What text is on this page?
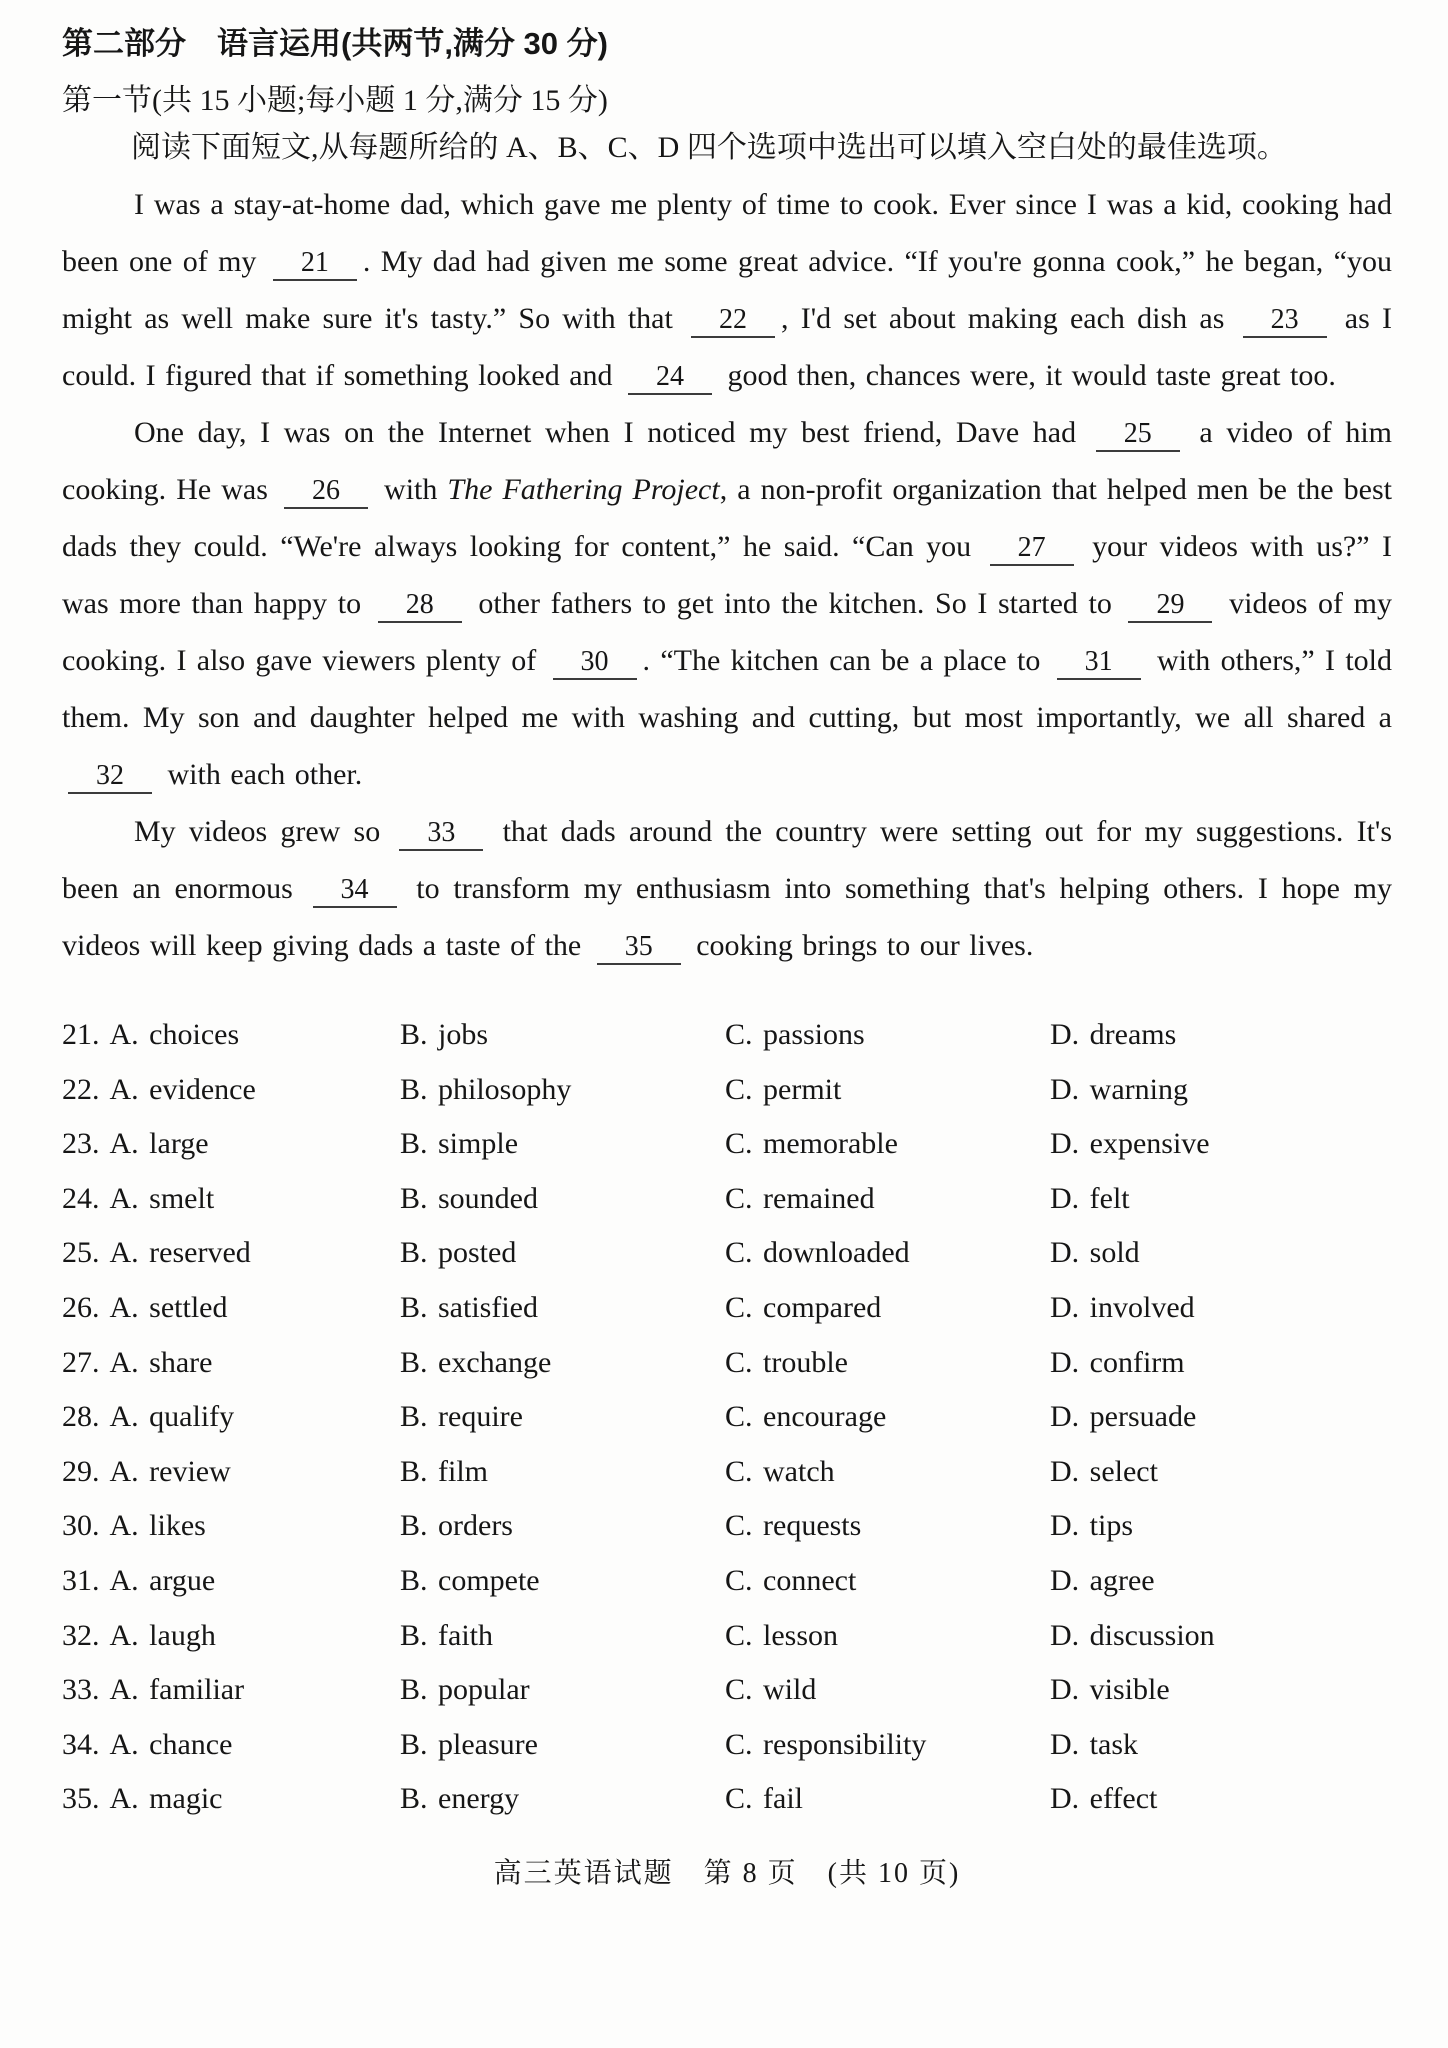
第二部分　语言运用(共两节,满分 30 分)
第一节(共 15 小题;每小题 1 分,满分 15 分)
阅读下面短文,从每题所给的 A、B、C、D 四个选项中选出可以填入空白处的最佳选项。

I was a stay-at-home dad, which gave me plenty of time to cook. Ever since I was a kid, cooking had been one of my 21 . My dad had given me some great advice. “If you're gonna cook,” he began, “you might as well make sure it's tasty.” So with that 22 , I'd set about making each dish as 23 as I could. I figured that if something looked and 24 good then, chances were, it would taste great too.

One day, I was on the Internet when I noticed my best friend, Dave had 25 a video of him cooking. He was 26 with The Fathering Project, a non-profit organization that helped men be the best dads they could. “We're always looking for content,” he said. “Can you 27 your videos with us?” I was more than happy to 28 other fathers to get into the kitchen. So I started to 29 videos of my cooking. I also gave viewers plenty of 30 . “The kitchen can be a place to 31 with others,” I told them. My son and daughter helped me with washing and cutting, but most importantly, we all shared a 32 with each other.

My videos grew so 33 that dads around the country were setting out for my suggestions. It's been an enormous 34 to transform my enthusiasm into something that's helping others. I hope my videos will keep giving dads a taste of the 35 cooking brings to our lives.

21. A. choices	B. jobs	C. passions	D. dreams
22. A. evidence	B. philosophy	C. permit	D. warning
23. A. large	B. simple	C. memorable	D. expensive
24. A. smelt	B. sounded	C. remained	D. felt
25. A. reserved	B. posted	C. downloaded	D. sold
26. A. settled	B. satisfied	C. compared	D. involved
27. A. share	B. exchange	C. trouble	D. confirm
28. A. qualify	B. require	C. encourage	D. persuade
29. A. review	B. film	C. watch	D. select
30. A. likes	B. orders	C. requests	D. tips
31. A. argue	B. compete	C. connect	D. agree
32. A. laugh	B. faith	C. lesson	D. discussion
33. A. familiar	B. popular	C. wild	D. visible
34. A. chance	B. pleasure	C. responsibility	D. task
35. A. magic	B. energy	C. fail	D. effect
高三英语试题　第 8 页　(共 10 页)
